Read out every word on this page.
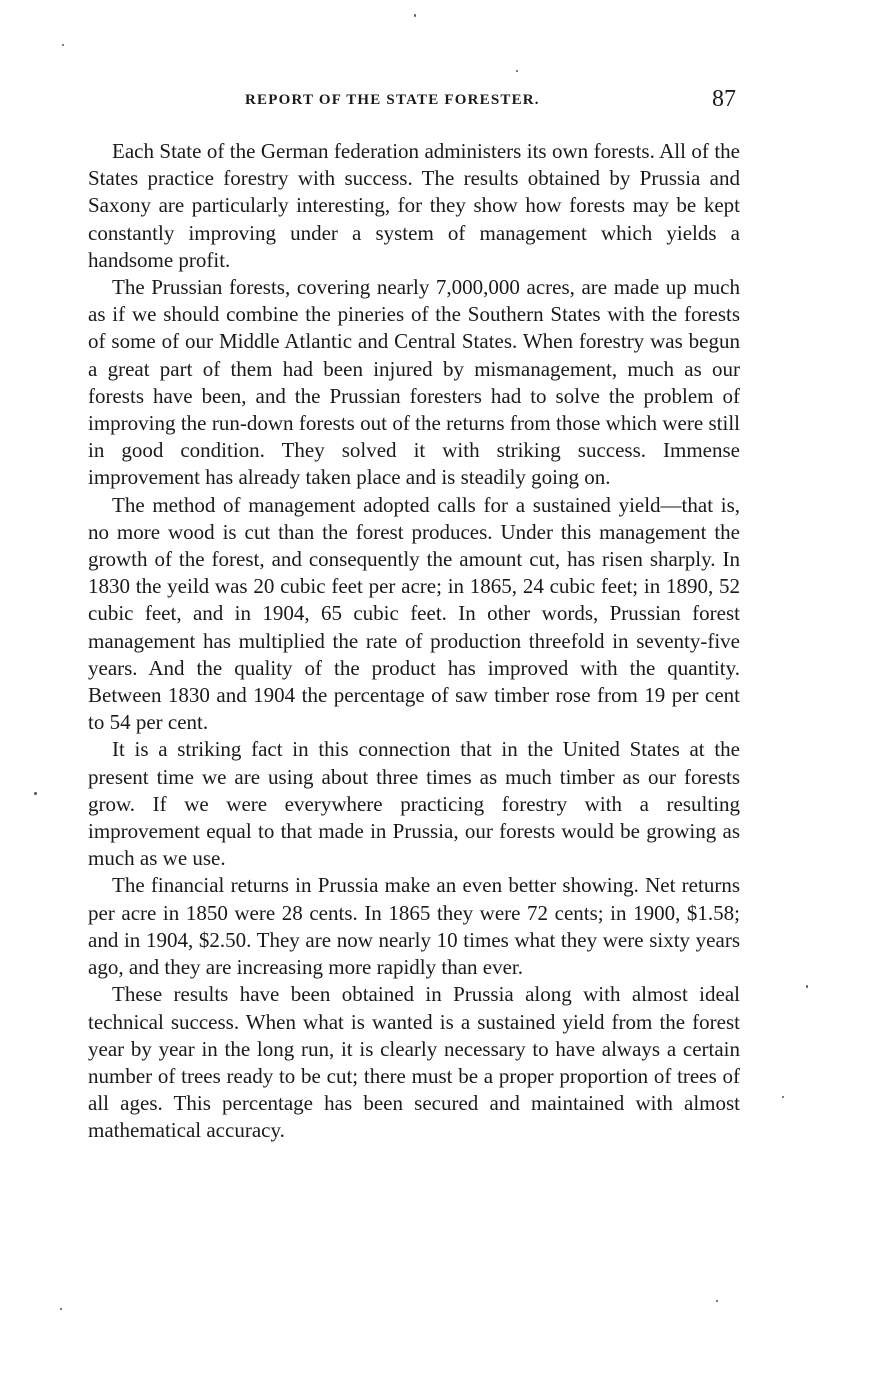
REPORT OF THE STATE FORESTER.	87

Each State of the German federation administers its own forests. All of the States practice forestry with success. The results obtained by Prussia and Saxony are particularly interesting, for they show how forests may be kept constantly improving under a system of management which yields a handsome profit.

The Prussian forests, covering nearly 7,000,000 acres, are made up much as if we should combine the pineries of the Southern States with the forests of some of our Middle Atlantic and Central States. When forestry was begun a great part of them had been injured by mismanagement, much as our forests have been, and the Prussian foresters had to solve the problem of improving the run-down forests out of the returns from those which were still in good condition. They solved it with striking success. Immense improvement has already taken place and is steadily going on.

The method of management adopted calls for a sustained yield—that is, no more wood is cut than the forest produces. Under this management the growth of the forest, and consequently the amount cut, has risen sharply. In 1830 the yeild was 20 cubic feet per acre; in 1865, 24 cubic feet; in 1890, 52 cubic feet, and in 1904, 65 cubic feet. In other words, Prussian forest management has multiplied the rate of production threefold in seventy-five years. And the quality of the product has improved with the quantity. Between 1830 and 1904 the percentage of saw timber rose from 19 per cent to 54 per cent.

It is a striking fact in this connection that in the United States at the present time we are using about three times as much timber as our forests grow. If we were everywhere practicing forestry with a resulting improvement equal to that made in Prussia, our forests would be growing as much as we use.

The financial returns in Prussia make an even better showing. Net returns per acre in 1850 were 28 cents. In 1865 they were 72 cents; in 1900, $1.58; and in 1904, $2.50. They are now nearly 10 times what they were sixty years ago, and they are increasing more rapidly than ever.

These results have been obtained in Prussia along with almost ideal technical success. When what is wanted is a sustained yield from the forest year by year in the long run, it is clearly necessary to have always a certain number of trees ready to be cut; there must be a proper proportion of trees of all ages. This percentage has been secured and maintained with almost mathematical accuracy.
